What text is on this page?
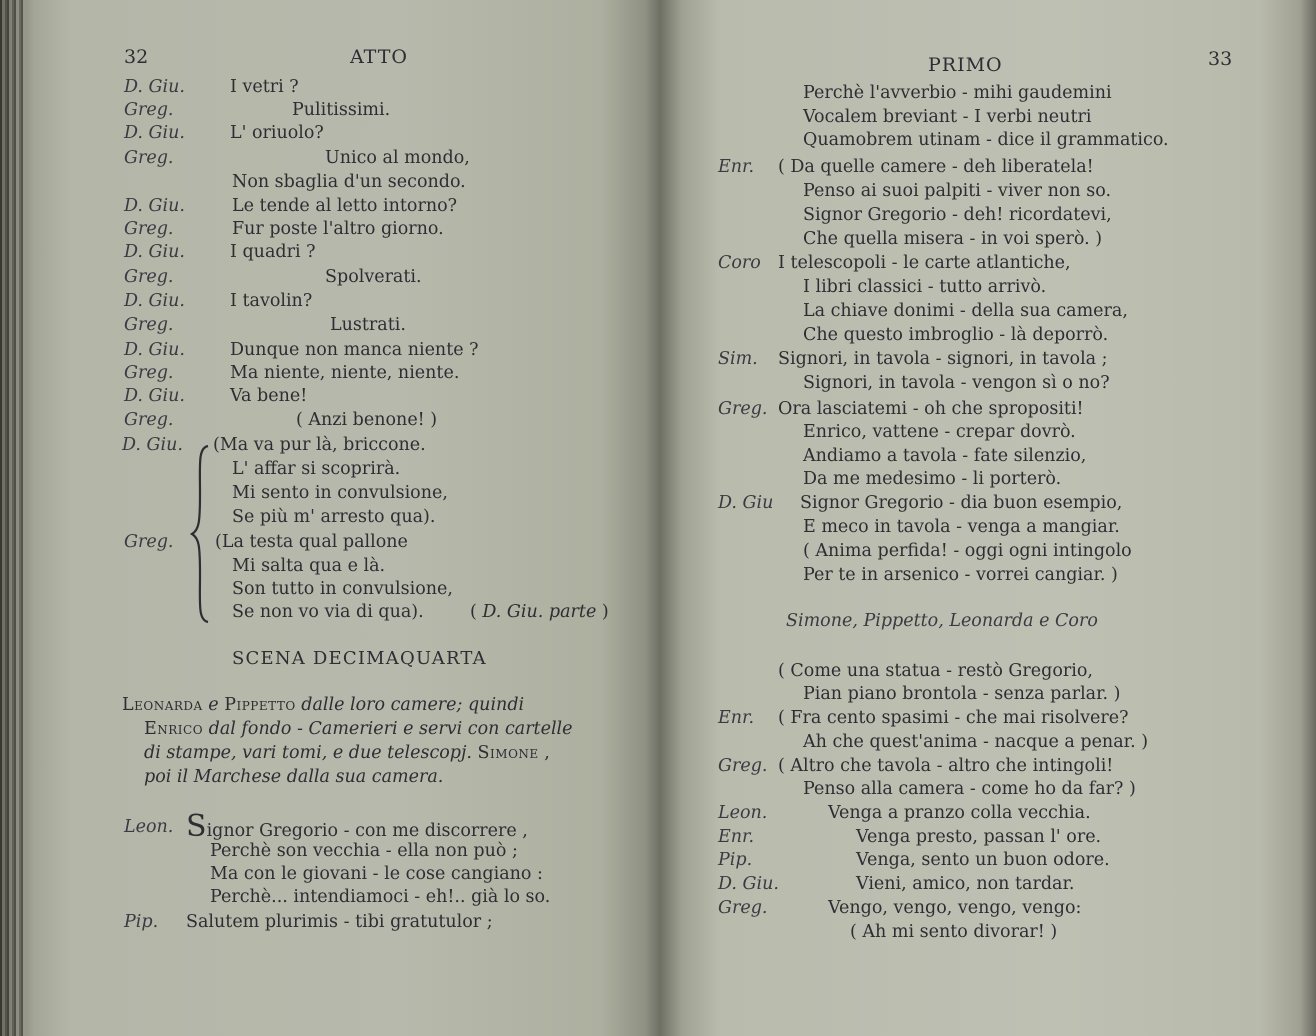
32	ATTO
D. Giu.	I vetri ?
Greg.	Pulitissimi.
D. Giu.	L' oriuolo?
Greg.	Unico al mondo,
Non sbaglia d'un secondo.
D. Giu.	Le tende al letto intorno?
Greg.	Fur poste l'altro giorno.
D. Giu.	I quadri ?
Greg.	Spolverati.
D. Giu.	I tavolin?
Greg.	Lustrati.
D. Giu.	Dunque non manca niente ?
Greg.	Ma niente, niente, niente.
D. Giu.	Va bene!
Greg.	( Anzi benone! )
D. Giu. (Ma va pur là, briccone.
L' affar si scoprirà.
Mi sento in convulsione,
Se più m' arresto qua).
Greg. (La testa qual pallone
Mi salta qua e là.
Son tutto in convulsione,
Se non vo via di qua).	( D. Giu. parte )
SCENA DECIMAQUARTA
Leonarda e Pippetto dalle loro camere; quindi
Enrico dal fondo - Camerieri e servi con cartelle
di stampe, vari tomi, e due telescopj. Simone ,
poi il Marchese dalla sua camera.
Leon. Signor Gregorio - con me discorrere ,
Perchè son vecchia - ella non può ;
Ma con le giovani - le cose cangiano :
Perchè... intendiamoci - eh!.. già lo so.
Pip. Salutem plurimis - tibi gratutulor ;
PRIMO	33
Perchè l'avverbio - mihi gaudemini
Vocalem breviant - I verbi neutri
Quamobrem utinam - dice il grammatico.
Enr. ( Da quelle camere - deh liberatela!
Penso ai suoi palpiti - viver non so.
Signor Gregorio - deh! ricordatevi,
Che quella misera - in voi sperò. )
Coro I telescopoli - le carte atlantiche,
I libri classici - tutto arrivò.
La chiave donimi - della sua camera,
Che questo imbroglio - là deporrò.
Sim. Signori, in tavola - signori, in tavola ;
Signori, in tavola - vengon sì o no?
Greg. Ora lasciatemi - oh che spropositi!
Enrico, vattene - crepar dovrò.
Andiamo a tavola - fate silenzio,
Da me medesimo - li porterò.
D. Giu Signor Gregorio - dia buon esempio,
E meco in tavola - venga a mangiar.
( Anima perfida! - oggi ogni intingolo
Per te in arsenico - vorrei cangiar. )
Simone, Pippetto, Leonarda e Coro
( Come una statua - restò Gregorio,
Pian piano brontola - senza parlar. )
Enr. ( Fra cento spasimi - che mai risolvere?
Ah che quest'anima - nacque a penar. )
Greg. ( Altro che tavola - altro che intingoli!
Penso alla camera - come ho da far? )
Leon.	Venga a pranzo colla vecchia.
Enr.	Venga presto, passan l' ore.
Pip.	Venga, sento un buon odore.
D. Giu.	Vieni, amico, non tardar.
Greg.	Vengo, vengo, vengo, vengo:
( Ah mi sento divorar! )
